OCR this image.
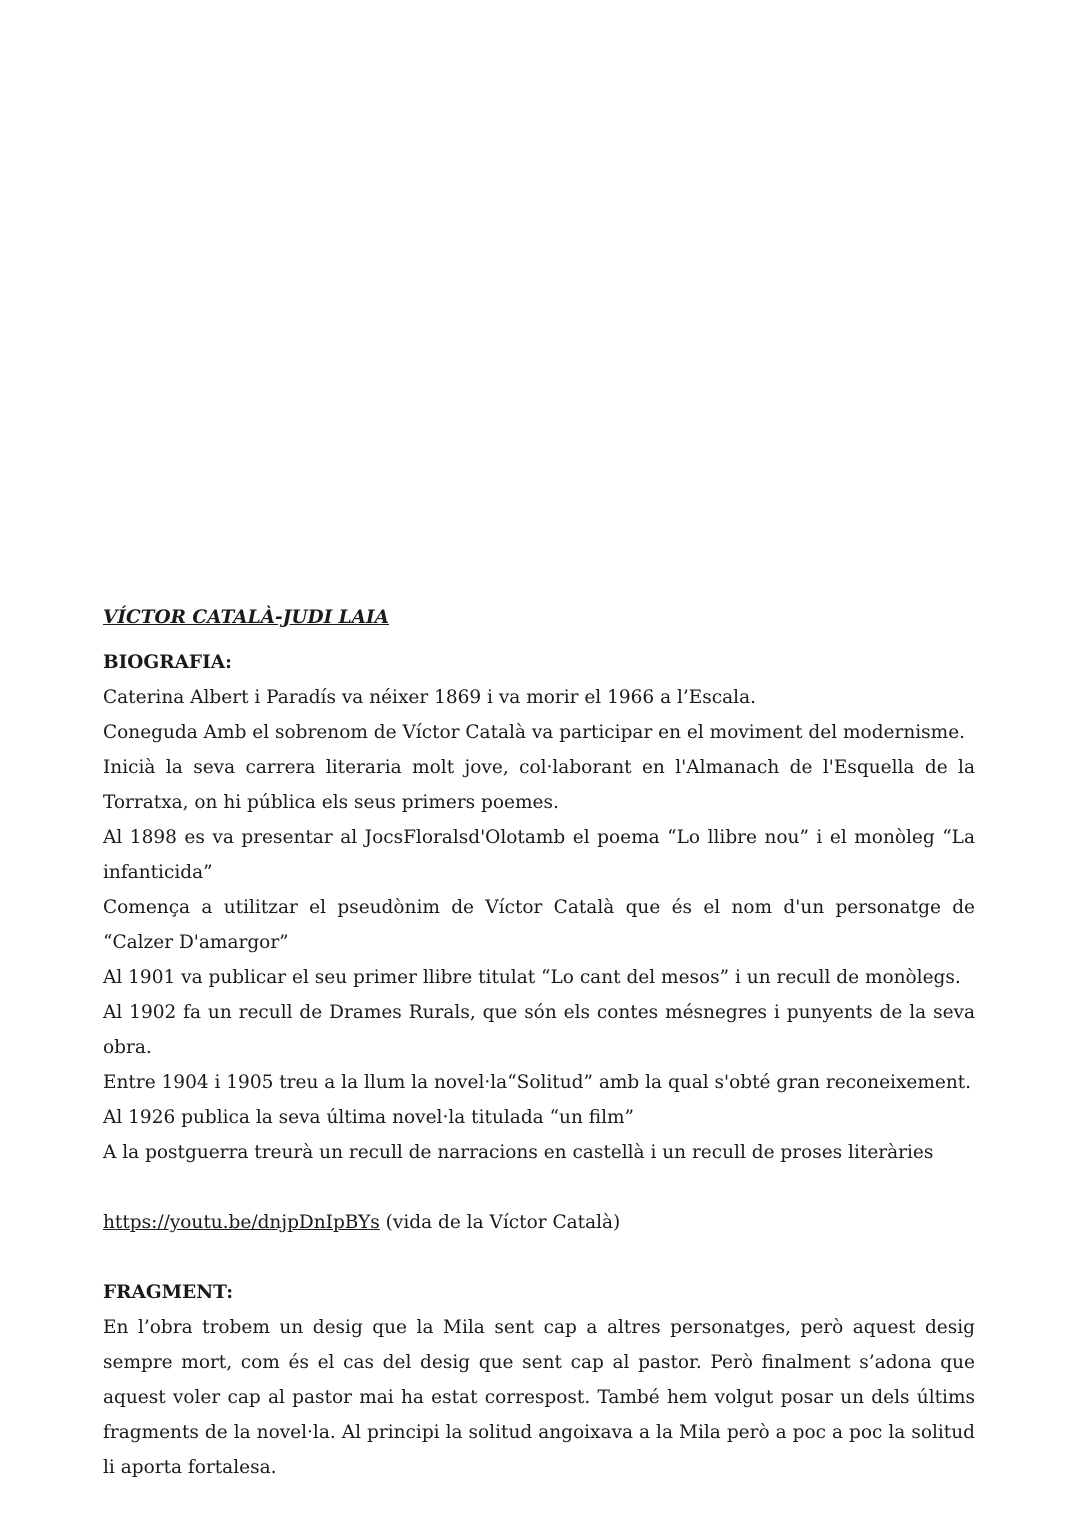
VÍCTOR CATALÀ-JUDI LAIA

BIOGRAFIA:

Caterina Albert i Paradís va néixer 1869 i va morir el 1966 a l’Escala.

Coneguda Amb el sobrenom de Víctor Català va participar en el moviment del modernisme.

Inicià la seva carrera literaria molt jove, col·laborant en l'Almanach de l'Esquella de la Torratxa, on hi pública els seus primers poemes.

Al 1898 es va presentar al JocsFloralsd'Olotamb el poema “Lo llibre nou” i el monòleg “La infanticida”

Comença a utilitzar el pseudònim de Víctor Català que és el nom d'un personatge de “Calzer D'amargor”

Al 1901 va publicar el seu primer llibre titulat “Lo cant del mesos” i un recull de monòlegs.

Al 1902 fa un recull de Drames Rurals, que són els contes mésnegres i punyents de la seva obra.

Entre 1904 i 1905 treu a la llum la novel·la“Solitud” amb la qual s'obté gran reconeixement.

Al 1926 publica la seva última novel·la titulada “un film”

A la postguerra treurà un recull de narracions en castellà i un recull de proses literàries

https://youtu.be/dnjpDnIpBYs (vida de la Víctor Català)

FRAGMENT:

En l’obra trobem un desig que la Mila sent cap a altres personatges, però aquest desig sempre mort, com és el cas del desig que sent cap al pastor. Però finalment s’adona que aquest voler cap al pastor mai ha estat correspost. També hem volgut posar un dels últims fragments de la novel·la. Al principi la solitud angoixava a la Mila però a poc a poc la solitud li aporta fortalesa.
